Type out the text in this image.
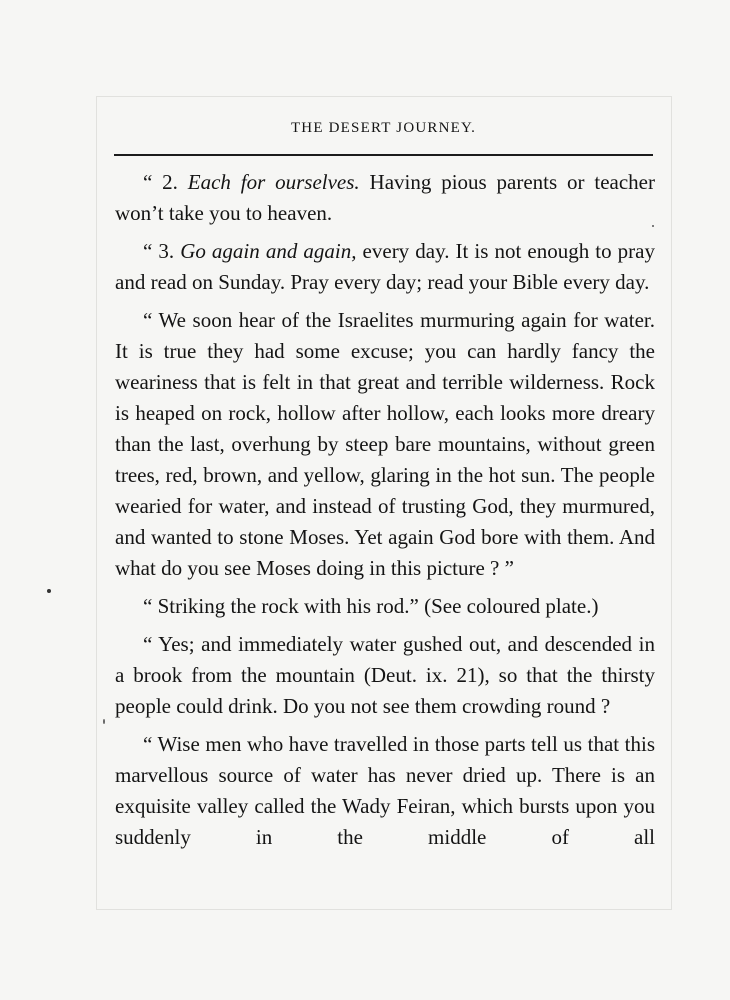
THE DESERT JOURNEY.

“ 2. Each for ourselves. Having pious parents or teacher won’t take you to heaven.

“ 3. Go again and again, every day. It is not enough to pray and read on Sunday. Pray every day; read your Bible every day.

“ We soon hear of the Israelites murmuring again for water. It is true they had some excuse; you can hardly fancy the weariness that is felt in that great and terrible wilderness. Rock is heaped on rock, hollow after hollow, each looks more dreary than the last, overhung by steep bare mountains, without green trees, red, brown, and yellow, glaring in the hot sun. The people wearied for water, and instead of trusting God, they murmured, and wanted to stone Moses. Yet again God bore with them. And what do you see Moses doing in this picture ? ”

“ Striking the rock with his rod.” (See coloured plate.)

“ Yes; and immediately water gushed out, and descended in a brook from the mountain (Deut. ix. 21), so that the thirsty people could drink. Do you not see them crowding round ?

“ Wise men who have travelled in those parts tell us that this marvellous source of water has never dried up. There is an exquisite valley called the Wady Feiran, which bursts upon you suddenly in the middle of all
